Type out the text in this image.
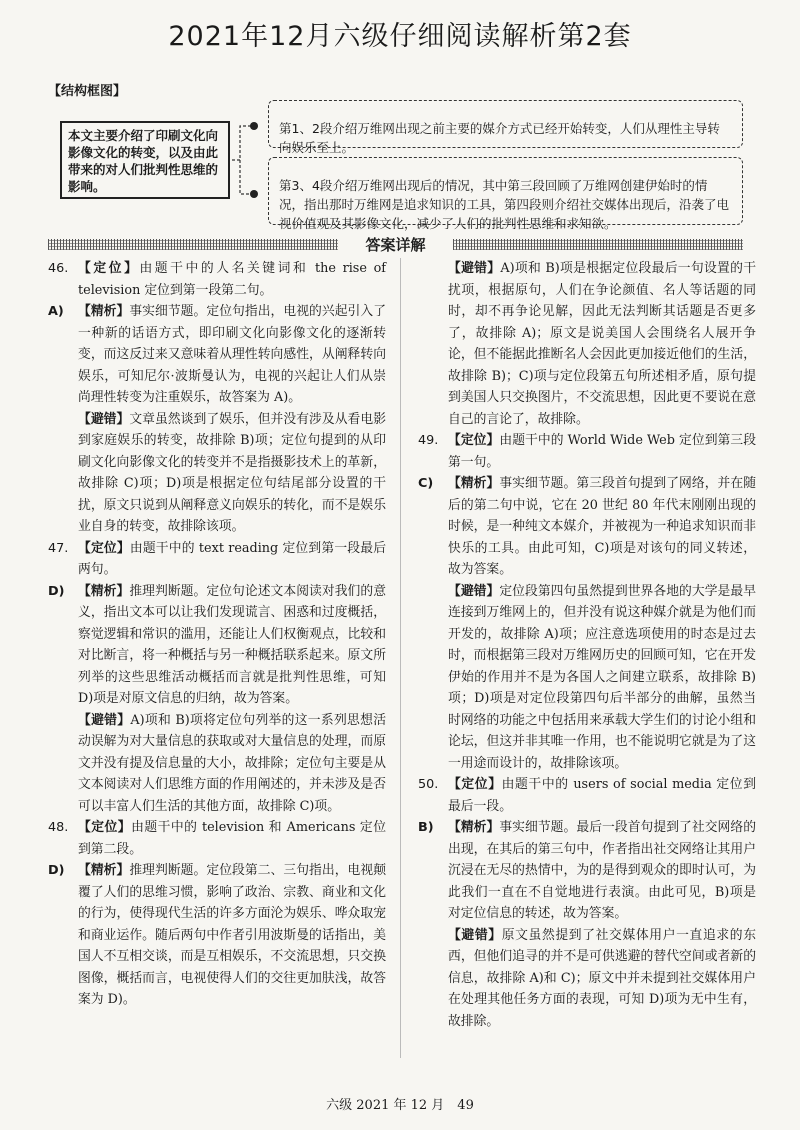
2021年12月六级仔细阅读解析第2套
【结构框图】
本文主要介绍了印刷文化向影像文化的转变，以及由此带来的对人们批判性思维的影响。

第1、2段介绍万维网出现之前主要的媒介方式已经开始转变，人们从理性主导转向娱乐至上。

第3、4段介绍万维网出现后的情况，其中第三段回顾了万维网创建伊始时的情况，指出那时万维网是追求知识的工具，第四段则介绍社交媒体出现后，沿袭了电视价值观及其影像文化，减少了人们的批判性思维和求知欲。

答案详解
46. 【定位】由题干中的人名关键词和 the rise of television 定位到第一段第二句。

A)	【精析】事实细节题。定位句指出，电视的兴起引入了一种新的话语方式，即印刷文化向影像文化的逐渐转变，而这反过来又意味着从理性转向感性，从阐释转向娱乐，可知尼尔·波斯曼认为，电视的兴起让人们从崇尚理性转变为注重娱乐，故答案为 A)。

【避错】文章虽然谈到了娱乐，但并没有涉及从看电影到家庭娱乐的转变，故排除 B)项；定位句提到的从印刷文化向影像文化的转变并不是指摄影技术上的革新，故排除 C)项；D)项是根据定位句结尾部分设置的干扰，原文只说到从阐释意义向娱乐的转化，而不是娱乐业自身的转变，故排除该项。

47. 【定位】由题干中的 text reading 定位到第一段最后两句。

D)	【精析】推理判断题。定位句论述文本阅读对我们的意义，指出文本可以让我们发现谎言、困惑和过度概括，察觉逻辑和常识的滥用，还能让人们权衡观点，比较和对比断言，将一种概括与另一种概括联系起来。原文所列举的这些思维活动概括而言就是批判性思维，可知 D)项是对原文信息的归纳，故为答案。

【避错】A)项和 B)项将定位句列举的这一系列思想活动误解为对大量信息的获取或对大量信息的处理，而原文并没有提及信息量的大小，故排除；定位句主要是从文本阅读对人们思维方面的作用阐述的，并未涉及是否可以丰富人们生活的其他方面，故排除 C)项。

48. 【定位】由题干中的 television 和 Americans 定位到第二段。

D)	【精析】推理判断题。定位段第二、三句指出，电视颠覆了人们的思维习惯，影响了政治、宗教、商业和文化的行为，使得现代生活的许多方面沦为娱乐、哗众取宠和商业运作。随后两句中作者引用波斯曼的话指出，美国人不互相交谈，而是互相娱乐，不交流思想，只交换图像，概括而言，电视使得人们的交往更加肤浅，故答案为 D)。

【避错】A)项和 B)项是根据定位段最后一句设置的干扰项，根据原句，人们在争论颜值、名人等话题的同时，却不再争论见解，因此无法判断其话题是否更多了，故排除 A)；原文是说美国人会围绕名人展开争论，但不能据此推断名人会因此更加接近他们的生活，故排除 B)；C)项与定位段第五句所述相矛盾，原句提到美国人只交换图片，不交流思想，因此更不要说在意自己的言论了，故排除。

49. 【定位】由题干中的 World Wide Web 定位到第三段第一句。

C)	【精析】事实细节题。第三段首句提到了网络，并在随后的第二句中说，它在 20 世纪 80 年代末刚刚出现的时候，是一种纯文本媒介，并被视为一种追求知识而非快乐的工具。由此可知，C)项是对该句的同义转述，故为答案。

【避错】定位段第四句虽然提到世界各地的大学是最早连接到万维网上的，但并没有说这种媒介就是为他们而开发的，故排除 A)项；应注意选项使用的时态是过去时，而根据第三段对万维网历史的回顾可知，它在开发伊始的作用并不是为各国人之间建立联系，故排除 B)项；D)项是对定位段第四句后半部分的曲解，虽然当时网络的功能之中包括用来承载大学生们的讨论小组和论坛，但这并非其唯一作用，也不能说明它就是为了这一用途而设计的，故排除该项。

50. 【定位】由题干中的 users of social media 定位到最后一段。

B)	【精析】事实细节题。最后一段首句提到了社交网络的出现，在其后的第三句中，作者指出社交网络让其用户沉浸在无尽的热情中，为的是得到观众的即时认可，为此我们一直在不自觉地进行表演。由此可见，B)项是对定位信息的转述，故为答案。

【避错】原文虽然提到了社交媒体用户一直追求的东西，但他们追寻的并不是可供逃避的替代空间或者新的信息，故排除 A)和 C)；原文中并未提到社交媒体用户在处理其他任务方面的表现，可知 D)项为无中生有，故排除。

六级 2021 年 12 月　49
